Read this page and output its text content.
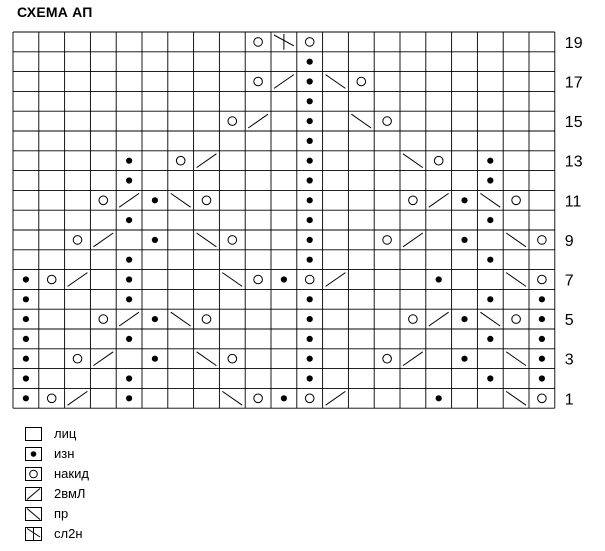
СХЕМА АП
19
17
15
13
11
9
7
5
3
1
лиц
изн
накид
2вмЛ
пр
сл2н
